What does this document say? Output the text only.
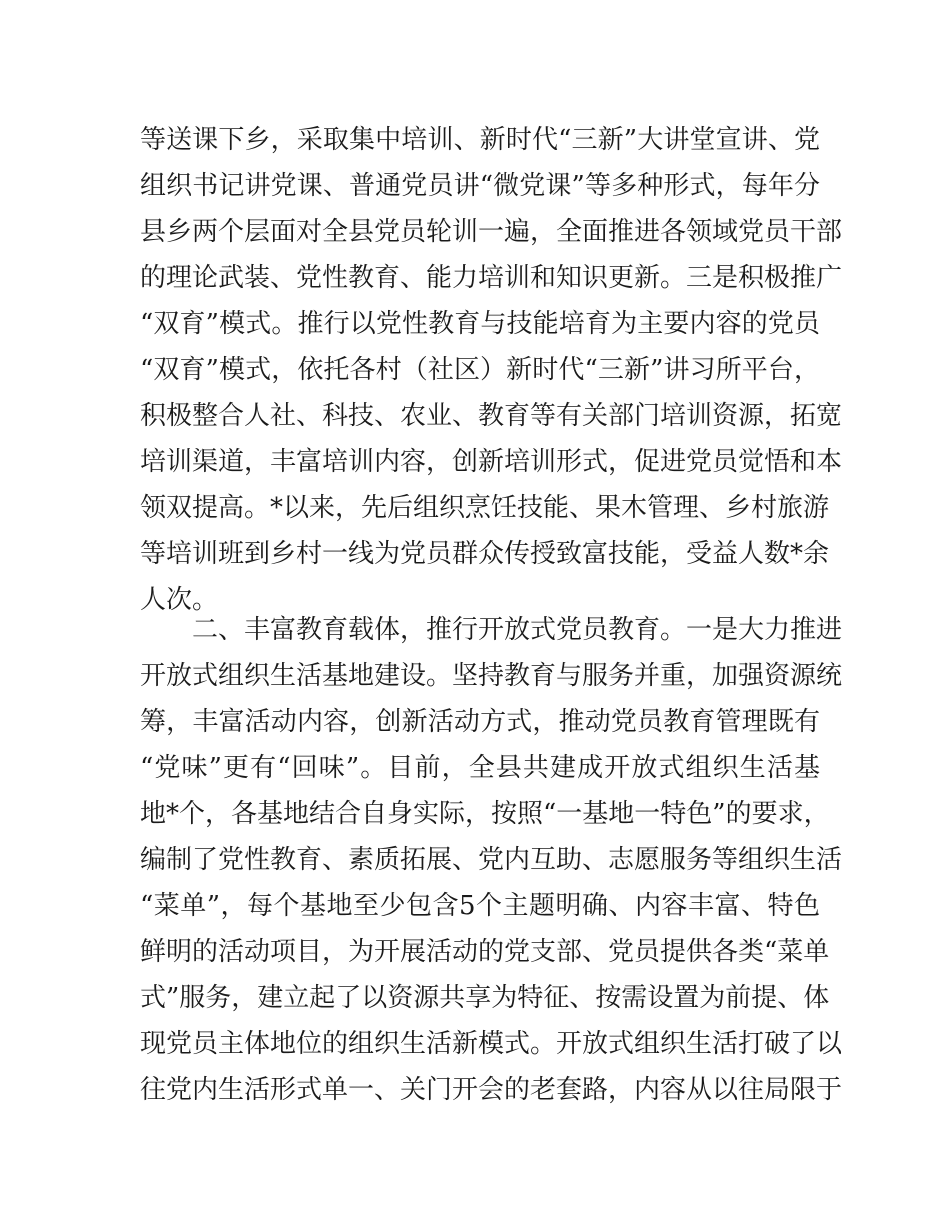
等送课下乡，采取集中培训、新时代“三新”大讲堂宣讲、党
组织书记讲党课、普通党员讲“微党课”等多种形式，每年分
县乡两个层面对全县党员轮训一遍，全面推进各领域党员干部
的理论武装、党性教育、能力培训和知识更新。三是积极推广
“双育”模式。推行以党性教育与技能培育为主要内容的党员
“双育”模式，依托各村（社区）新时代“三新”讲习所平台，
积极整合人社、科技、农业、教育等有关部门培训资源，拓宽
培训渠道，丰富培训内容，创新培训形式，促进党员觉悟和本
领双提高。*以来，先后组织烹饪技能、果木管理、乡村旅游
等培训班到乡村一线为党员群众传授致富技能，受益人数*余
人次。
二、丰富教育载体，推行开放式党员教育。一是大力推进
开放式组织生活基地建设。坚持教育与服务并重，加强资源统
筹，丰富活动内容，创新活动方式，推动党员教育管理既有
“党味”更有“回味”。目前，全县共建成开放式组织生活基
地*个，各基地结合自身实际，按照“一基地一特色”的要求，
编制了党性教育、素质拓展、党内互助、志愿服务等组织生活
“菜单”，每个基地至少包含5个主题明确、内容丰富、特色
鲜明的活动项目，为开展活动的党支部、党员提供各类“菜单
式”服务，建立起了以资源共享为特征、按需设置为前提、体
现党员主体地位的组织生活新模式。开放式组织生活打破了以
往党内生活形式单一、关门开会的老套路，内容从以往局限于
